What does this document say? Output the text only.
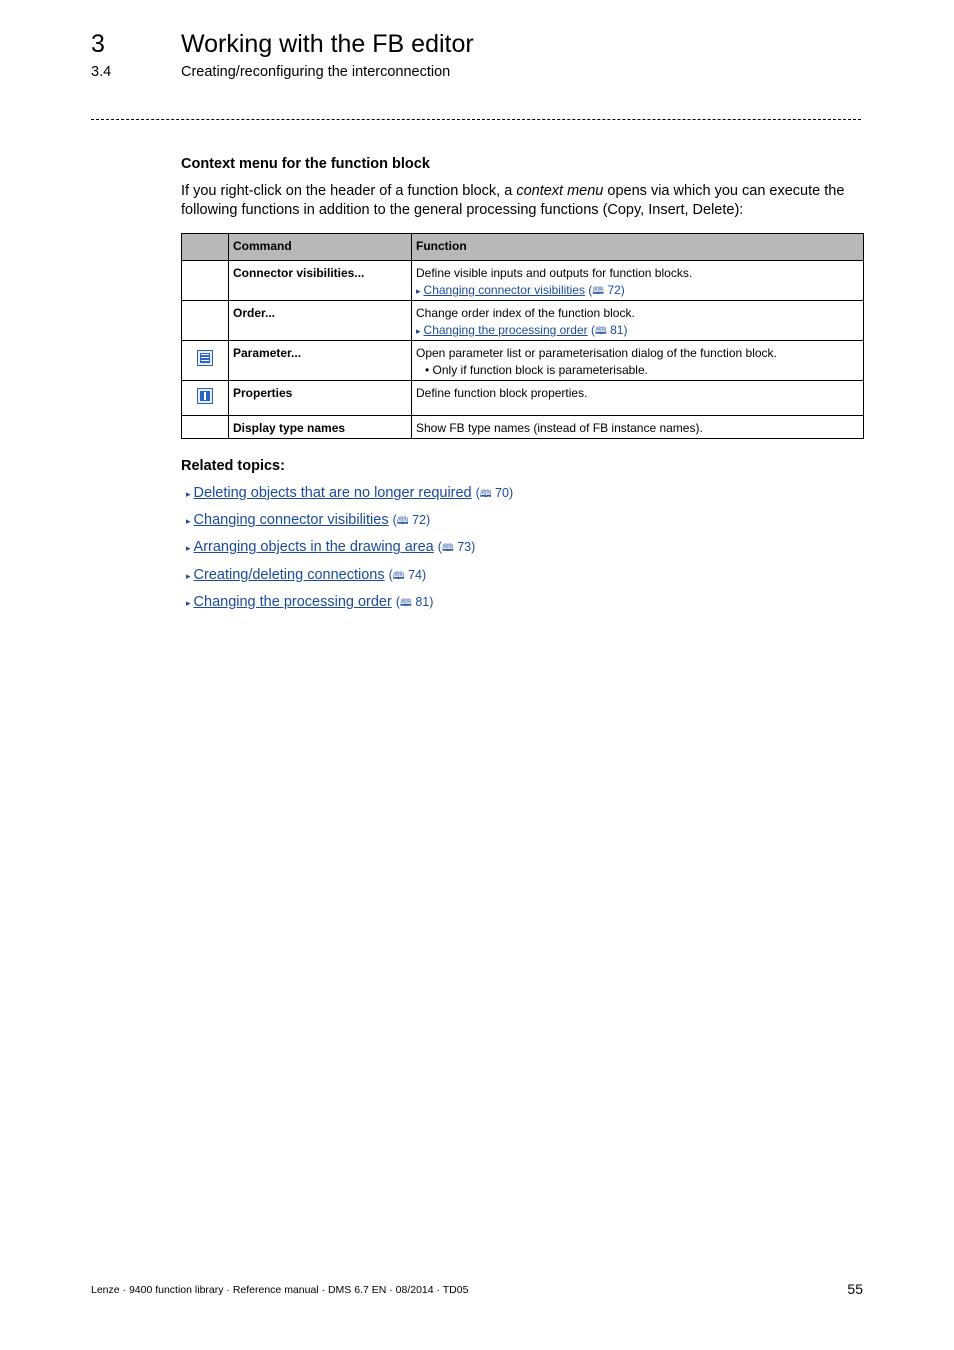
3	Working with the FB editor
3.4	Creating/reconfiguring the interconnection
Context menu for the function block
If you right-click on the header of a function block, a context menu opens via which you can execute the following functions in addition to the general processing functions (Copy, Insert, Delete):
	Command	Function
	Connector visibilities...	Define visible inputs and outputs for function blocks.
▸ Changing connector visibilities (🕮 72)

	Order...	Change order index of the function block.
▸ Changing the processing order (🕮 81)

	Parameter...	Open parameter list or parameterisation dialog of the function block.
• Only if function block is parameterisable.

	Properties	Define function block properties.

	Display type names	Show FB type names (instead of FB instance names).
Related topics:
▸ Deleting objects that are no longer required (🕮 70)
▸ Changing connector visibilities (🕮 72)
▸ Arranging objects in the drawing area (🕮 73)
▸ Creating/deleting connections (🕮 74)
▸ Changing the processing order (🕮 81)
Lenze · 9400 function library · Reference manual · DMS 6.7 EN · 08/2014 · TD05	55
